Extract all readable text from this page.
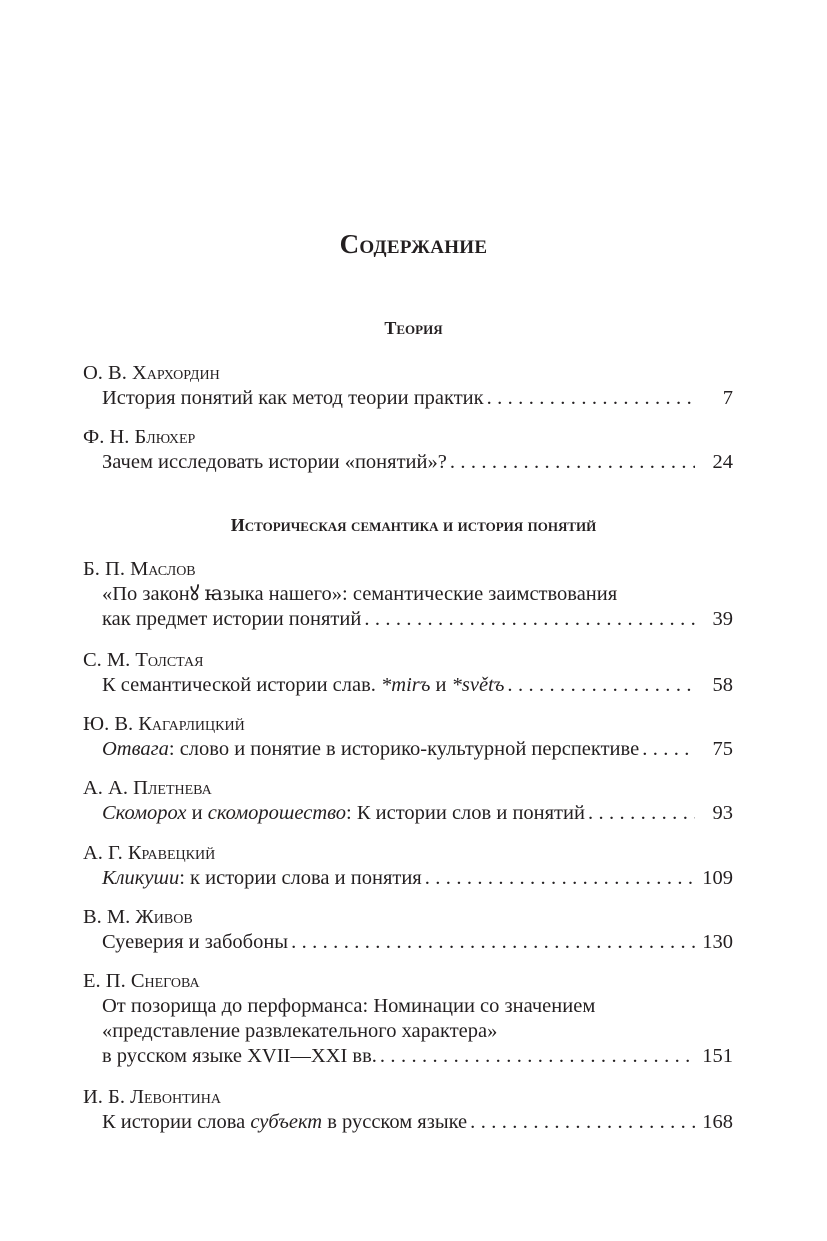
Содержание
Теория
О. В. Хархордин
История понятий как метод теории практик .....	7
Ф. Н. Блюхер
Зачем исследовать истории «понятий»? .....	24
Историческая семантика и история понятий
Б. П. Маслов
«По законꙋ ꙗзыка нашего»: семантические заимствования
как предмет истории понятий .....	39
С. М. Толстая
К семантической истории слав. *mirъ и *světъ .....	58
Ю. В. Кагарлицкий
Отвага: слово и понятие в историко-культурной перспективе .....	75
А. А. Плетнева
Скоморох и скоморошество: К истории слов и понятий .....	93
А. Г. Кравецкий
Кликуши: к истории слова и понятия .....	109
В. М. Живов
Суеверия и забобоны .....	130
Е. П. Снегова
От позорища до перформанса: Номинации со значением
«представление развлекательного характера»
в русском языке XVII—XXI вв. .....	151
И. Б. Левонтина
К истории слова субъект в русском языке .....	168
